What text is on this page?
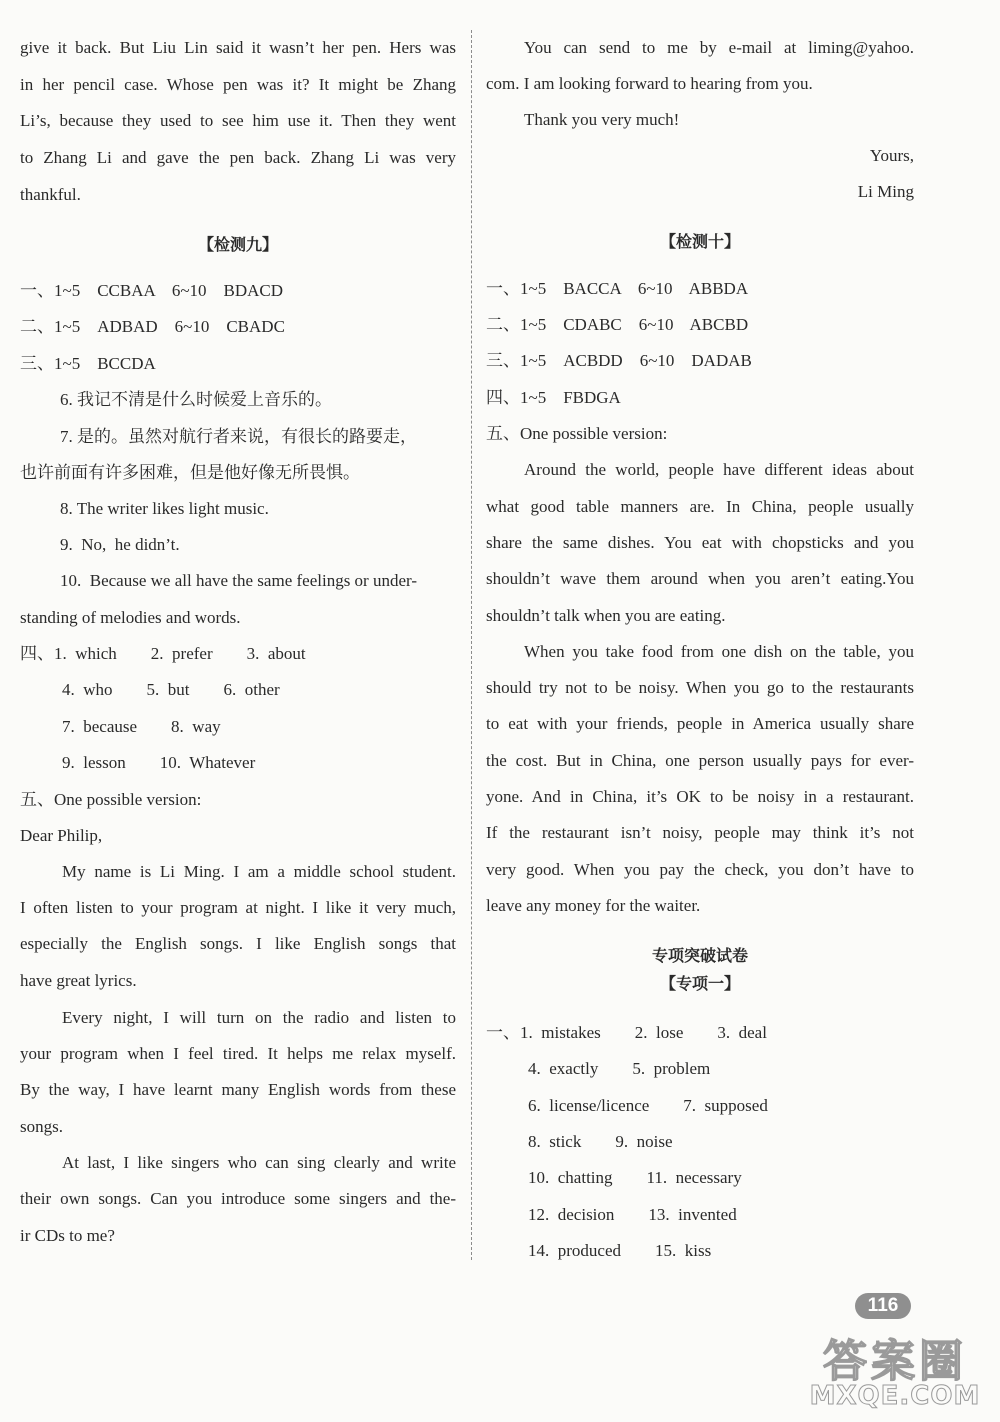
give it back. But Liu Lin said it wasn’t her pen. Hers was
in her pencil case. Whose pen was it? It might be Zhang
Li’s, because they used to see him use it. Then they went
to Zhang Li and gave the pen back. Zhang Li was very
thankful.
【检测九】
一、1~5    CCBAA    6~10    BDACD
二、1~5    ADBAD    6~10    CBADC
三、1~5    BCCDA
6. 我记不清是什么时候爱上音乐的。
7. 是的。虽然对航行者来说，有很长的路要走，
也许前面有许多困难，但是他好像无所畏惧。
8. The writer likes light music.
9.  No,  he didn’t.
10.  Because we all have the same feelings or under-
standing of melodies and words.
四、1.  which        2.  prefer        3.  about
4.  who        5.  but        6.  other
7.  because        8.  way
9.  lesson        10.  Whatever
五、One possible version:
Dear Philip,
My name is Li Ming. I am a middle school student.
I often listen to your program at night. I like it very much,
especially the English songs. I like English songs that
have great lyrics.
Every night, I will turn on the radio and listen to
your program when I feel tired. It helps me relax myself.
By the way, I have learnt many English words from these
songs.
At last, I like singers who can sing clearly and write
their own songs. Can you introduce some singers and the-
ir CDs to me?
You can send to me by e-mail at liming@yahoo.
com. I am looking forward to hearing from you.
Thank you very much!
Yours,
Li Ming
【检测十】
一、1~5    BACCA    6~10    ABBDA
二、1~5    CDABC    6~10    ABCBD
三、1~5    ACBDD    6~10    DADAB
四、1~5    FBDGA
五、One possible version:
Around the world, people have different ideas about
what good table manners are. In China, people usually
share the same dishes. You eat with chopsticks and you
shouldn’t wave them around when you aren’t eating.You
shouldn’t talk when you are eating.
When you take food from one dish on the table, you
should try not to be noisy. When you go to the restaurants
to eat with your friends, people in America usually share
the cost. But in China, one person usually pays for ever-
yone. And in China, it’s OK to be noisy in a restaurant.
If the restaurant isn’t noisy, people may think it’s not
very good. When you pay the check, you don’t have to
leave any money for the waiter.
专项突破试卷
【专项一】
一、1.  mistakes        2.  lose        3.  deal
4.  exactly        5.  problem
6.  license/licence        7.  supposed
8.  stick        9.  noise
10.  chatting        11.  necessary
12.  decision        13.  invented
14.  produced        15.  kiss
116
答案圈
MXQE.COM
